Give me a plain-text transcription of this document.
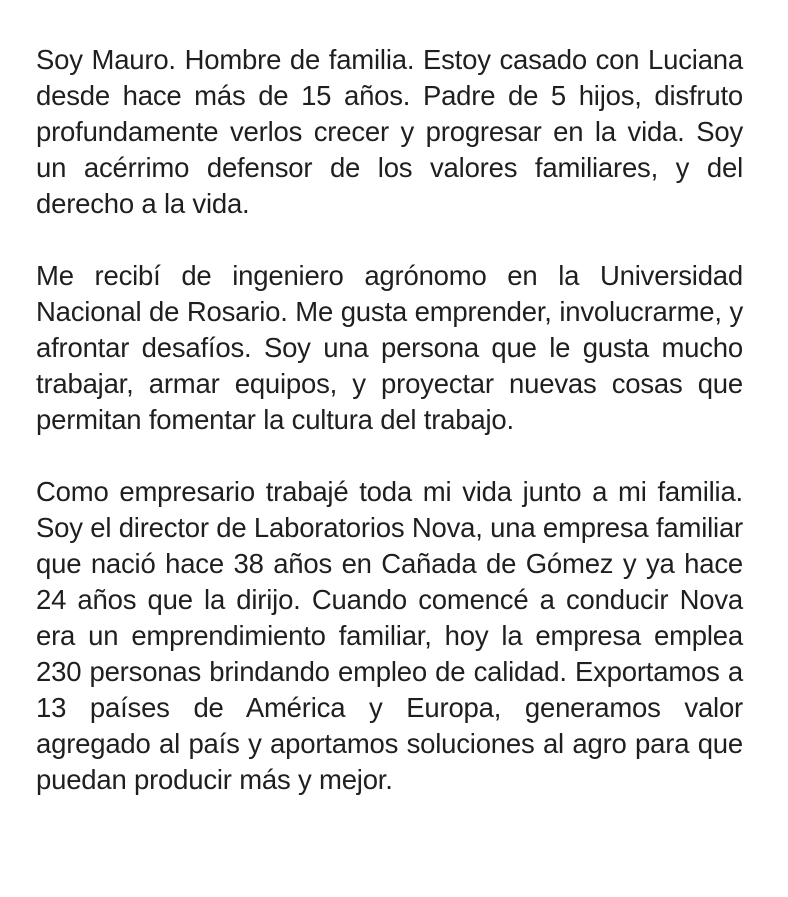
Soy Mauro. Hombre de familia. Estoy casado con Luciana desde hace más de 15 años. Padre de 5 hijos, disfruto profundamente verlos crecer y progresar en la vida. Soy un acérrimo defensor de los valores familiares, y del derecho a la vida.

Me recibí de ingeniero agrónomo en la Universidad Nacional de Rosario. Me gusta emprender, involucrarme, y afrontar desafíos. Soy una persona que le gusta mucho trabajar, armar equipos, y proyectar nuevas cosas que permitan fomentar la cultura del trabajo.

Como empresario trabajé toda mi vida junto a mi familia. Soy el director de Laboratorios Nova, una empresa familiar que nació hace 38 años en Cañada de Gómez y ya hace 24 años que la dirijo. Cuando comencé a conducir Nova era un emprendimiento familiar, hoy la empresa emplea 230 personas brindando empleo de calidad. Exportamos a 13 países de América y Europa, generamos valor agregado al país y aportamos soluciones al agro para que puedan producir más y mejor.
